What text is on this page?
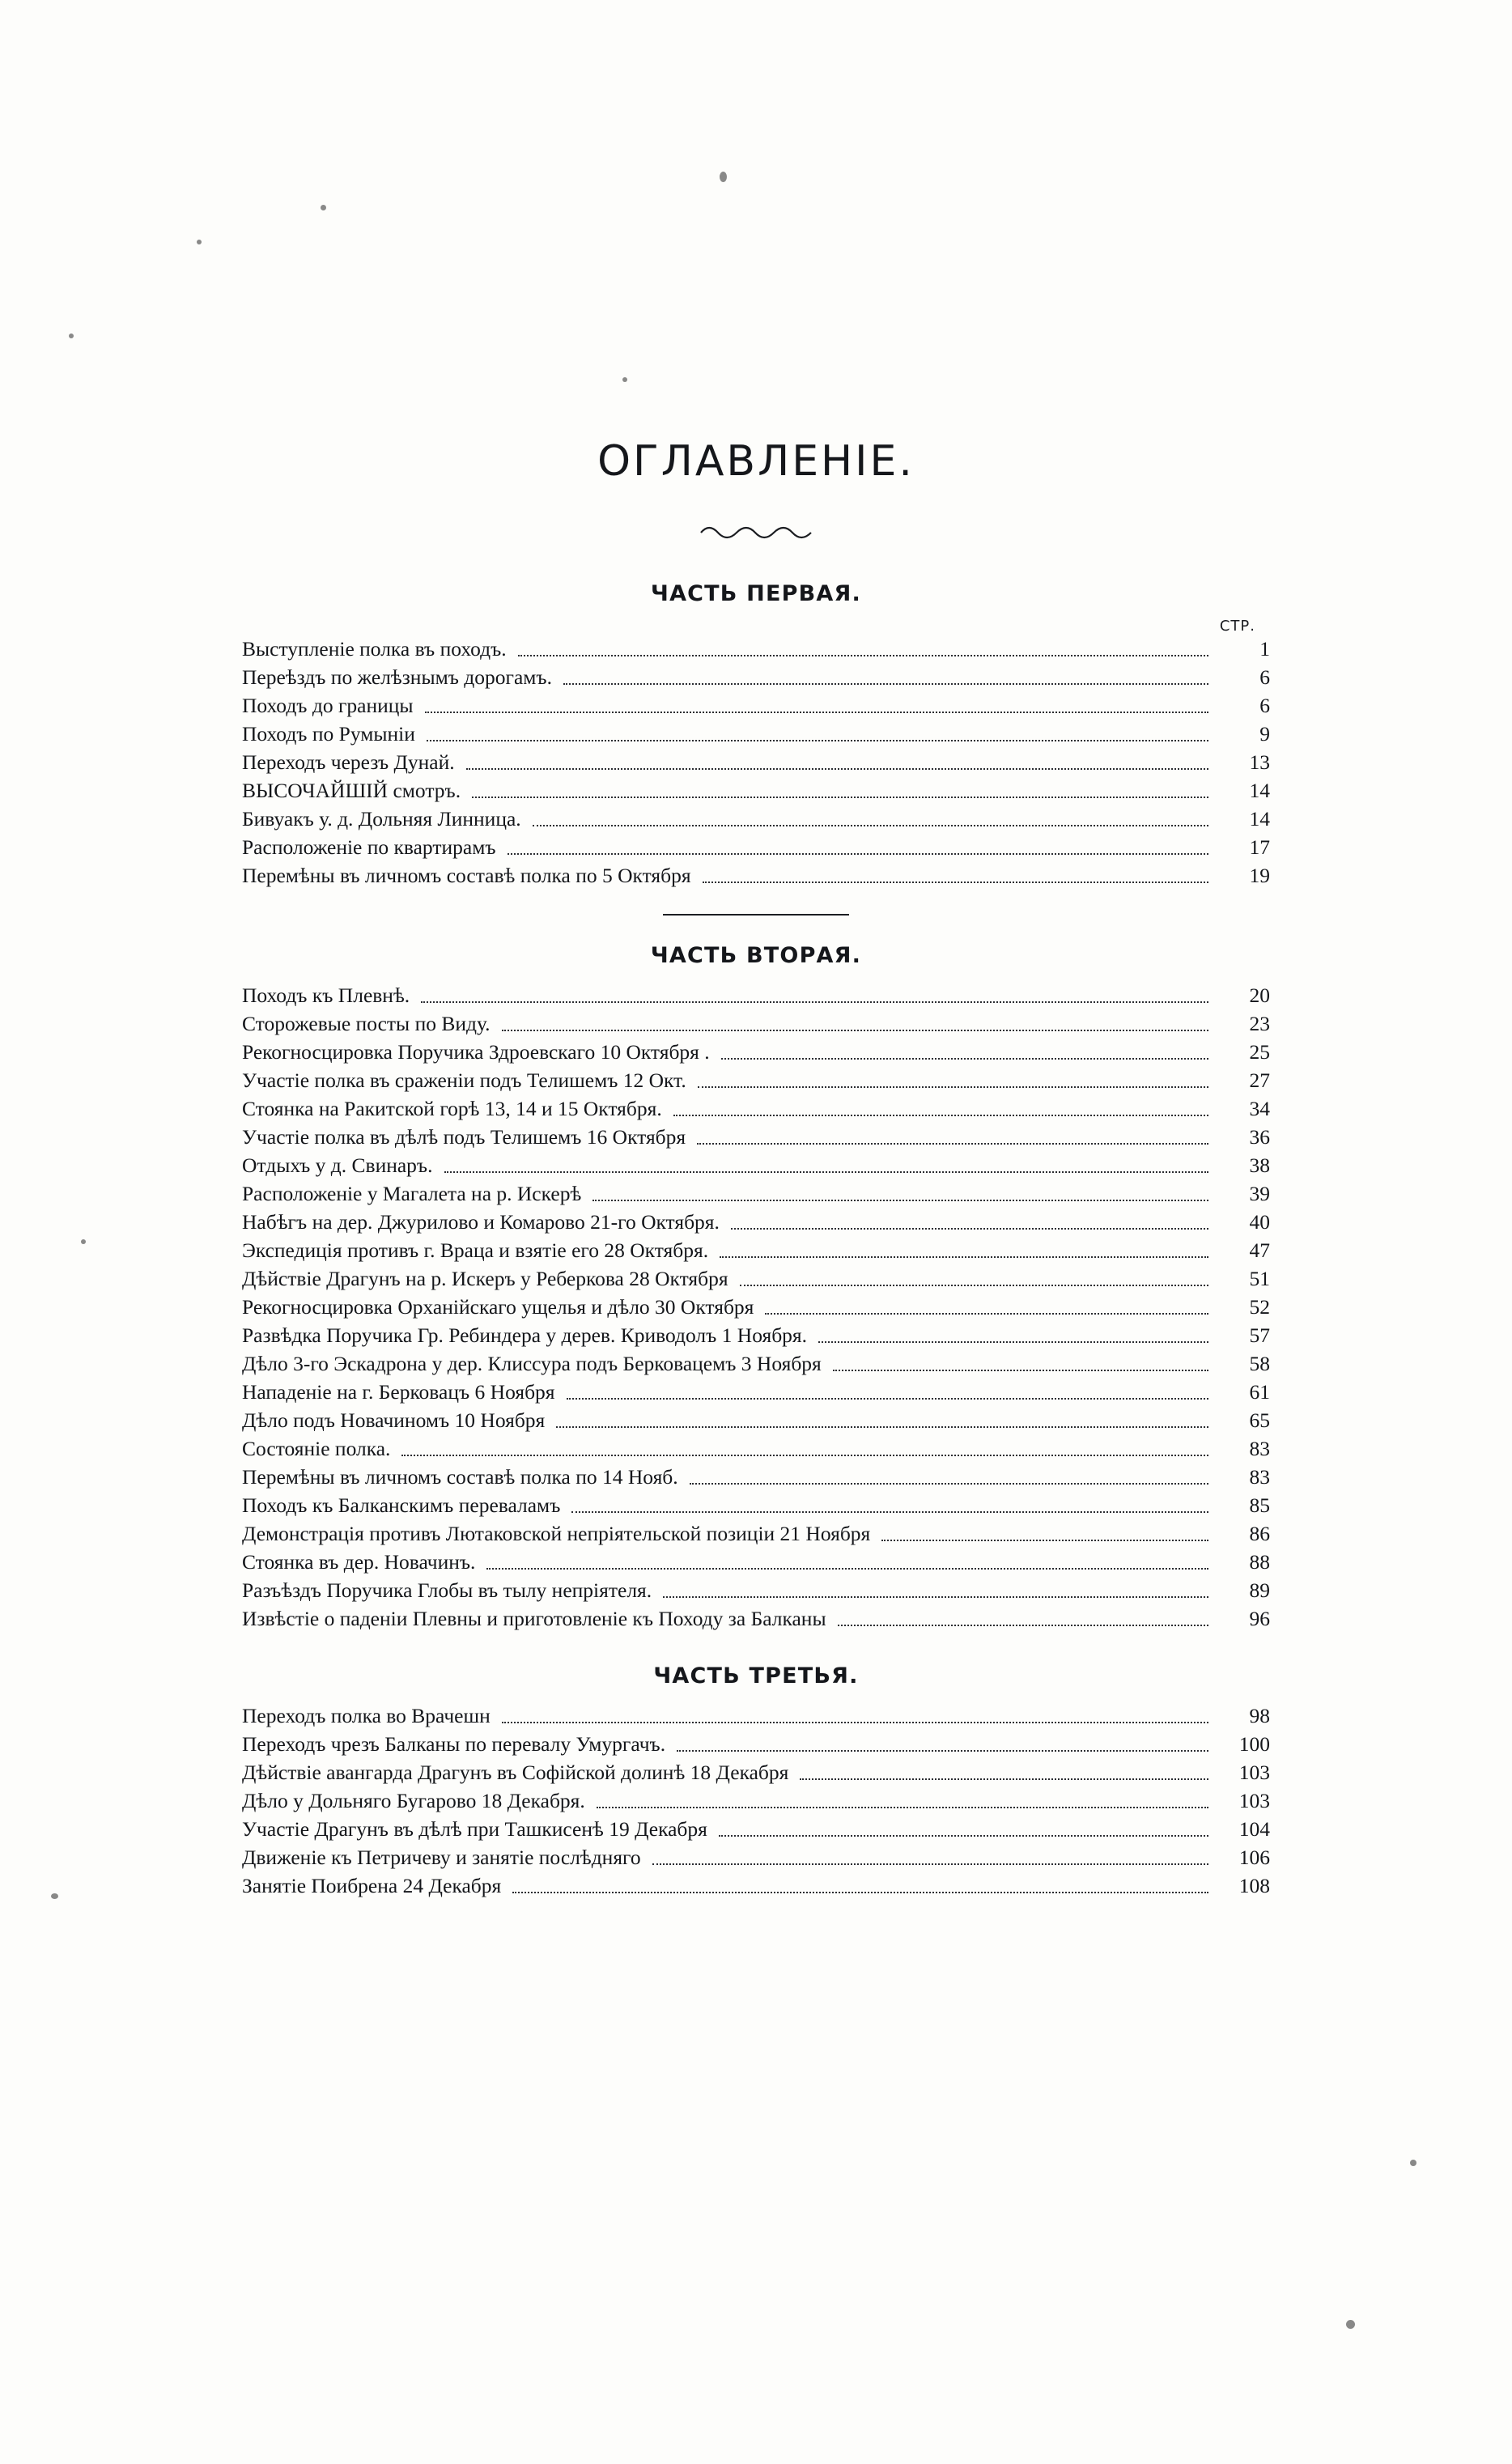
ОГЛАВЛЕНІЕ.
ЧАСТЬ ПЕРВАЯ.
СТР.
Выступленіе полка въ походъ.	1
Переѣздъ по желѣзнымъ дорогамъ.	6
Походъ до границы	6
Походъ по Румыніи	9
Переходъ черезъ Дунай.	13
ВЫСОЧАЙШІЙ смотръ.	14
Бивуакъ у. д. Дольняя Линница.	14
Расположеніе по квартирамъ	17
Перемѣны въ личномъ составѣ полка по 5 Октября	19
ЧАСТЬ ВТОРАЯ.
Походъ къ Плевнѣ.	20
Сторожевые посты по Виду.	23
Рекогносцировка Поручика Здроевскаго 10 Октября .	25
Участіе полка въ сраженіи подъ Телишемъ 12 Окт.	27
Стоянка на Ракитской горѣ 13, 14 и 15 Октября.	34
Участіе полка въ дѣлѣ подъ Телишемъ 16 Октября	36
Отдыхъ у д. Свинаръ.	38
Расположеніе у Магалета на р. Искерѣ	39
Набѣгъ на дер. Джурилово и Комарово 21-го Октября.	40
Экспедиція противъ г. Враца и взятіе его 28 Октября.	47
Дѣйствіе Драгунъ на р. Искеръ у Реберкова 28 Октября	51
Рекогносцировка Орханійскаго ущелья и дѣло 30 Октября	52
Развѣдка Поручика Гр. Ребиндера у дерев. Криводолъ 1 Ноября.	57
Дѣло 3-го Эскадрона у дер. Клиссура подъ Берковацемъ 3 Ноября	58
Нападеніе на г. Берковацъ 6 Ноября	61
Дѣло подъ Новачиномъ 10 Ноября	65
Состояніе полка.	83
Перемѣны въ личномъ составѣ полка по 14 Нояб.	83
Походъ къ Балканскимъ переваламъ	85
Демонстрація противъ Лютаковской непріятельской позиціи 21 Ноября	86
Стоянка въ дер. Новачинъ.	88
Разъѣздъ Поручика Глобы въ тылу непріятеля.	89
Извѣстіе о паденіи Плевны и приготовленіе къ Походу за Балканы	96
ЧАСТЬ ТРЕТЬЯ.
Переходъ полка во Врачешн	98
Переходъ чрезъ Балканы по перевалу Умургачъ.	100
Дѣйствіе авангарда Драгунъ въ Софійской долинѣ 18 Декабря	103
Дѣло у Дольняго Бугарово 18 Декабря.	103
Участіе Драгунъ въ дѣлѣ при Ташкисенѣ 19 Декабря	104
Движеніе къ Петричеву и занятіе послѣдняго	106
Занятіе Поибрена 24 Декабря	108
